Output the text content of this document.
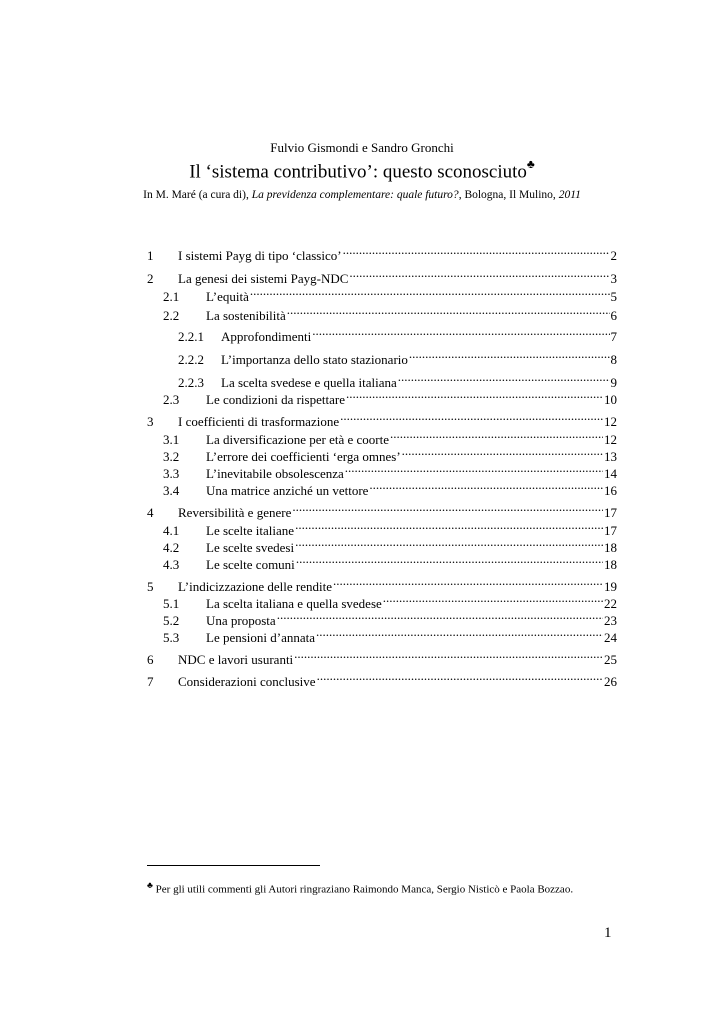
Fulvio Gismondi e Sandro Gronchi
Il ‘sistema contributivo’: questo sconosciuto♣
In M. Maré (a cura di), La previdenza complementare: quale futuro?, Bologna, Il Mulino, 2011
1	I sistemi Payg di tipo ‘classico’ .....	2
2	La genesi dei sistemi Payg-NDC .....	3
2.1	L’equità .....	5
2.2	La sostenibilità .....	6
2.2.1	Approfondimenti .....	7
2.2.2	L’importanza dello stato stazionario .....	8
2.2.3	La scelta svedese e quella italiana .....	9
2.3	Le condizioni da rispettare .....	10
3	I coefficienti di trasformazione .....	12
3.1	La diversificazione per età e coorte .....	12
3.2	L’errore dei coefficienti ‘erga omnes’ .....	13
3.3	L’inevitabile obsolescenza .....	14
3.4	Una matrice anziché un vettore .....	16
4	Reversibilità e genere .....	17
4.1	Le scelte italiane .....	17
4.2	Le scelte svedesi .....	18
4.3	Le scelte comuni .....	18
5	L’indicizzazione delle rendite .....	19
5.1	La scelta italiana e quella svedese .....	22
5.2	Una proposta .....	23
5.3	Le pensioni d’annata .....	24
6	NDC e lavori usuranti .....	25
7	Considerazioni conclusive .....	26
♣ Per gli utili commenti gli Autori ringraziano Raimondo Manca, Sergio Nisticò e Paola Bozzao.
1
